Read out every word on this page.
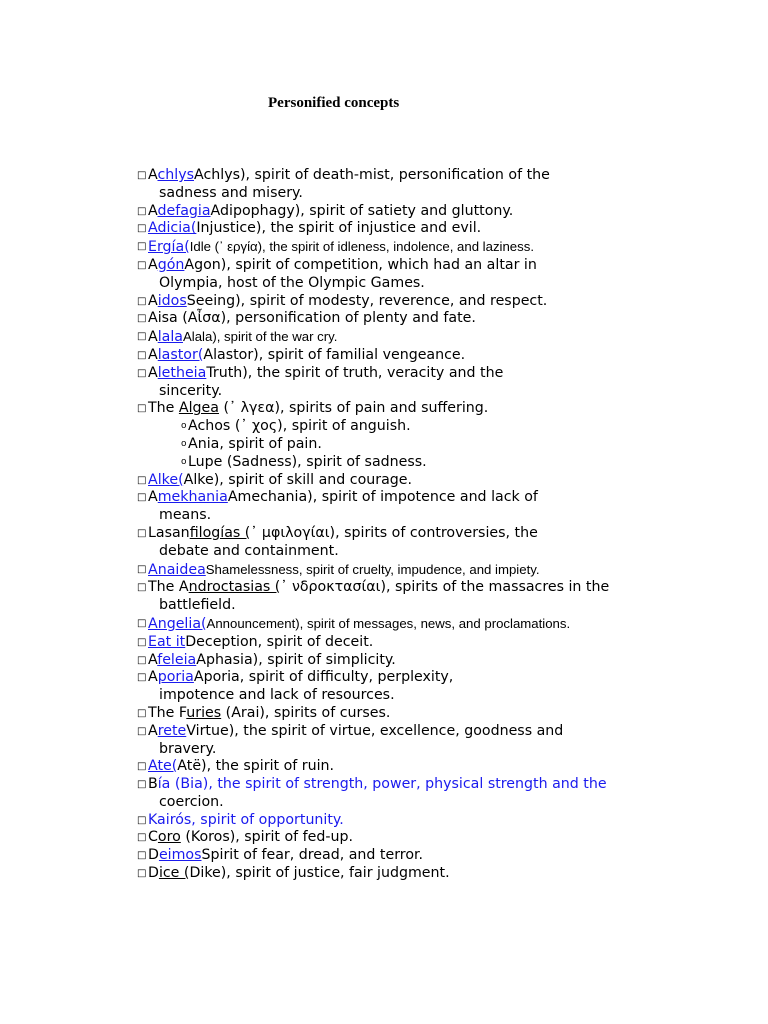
Personified concepts
□ AchlysAchlys), spirit of death-mist, personification of the
sadness and misery.
□ AdefagiaAdipophagy), spirit of satiety and gluttony.
□ Adicia(Injustice), the spirit of injustice and evil.
□ Ergía(Idle (᾽ εργία), the spirit of idleness, indolence, and laziness.
□ AgónAgon), spirit of competition, which had an altar in
Olympia, host of the Olympic Games.
□ AidosSeeing), spirit of modesty, reverence, and respect.
□ Aisa (Αἶσα), personification of plenty and fate.
□ AlalaAlala), spirit of the war cry.
□ Alastor(Alastor), spirit of familial vengeance.
□ AletheiaTruth), the spirit of truth, veracity and the
sincerity.
□ The Algea (᾽ λγεα), spirits of pain and suffering.
o Achos (᾽ χος), spirit of anguish.
o Ania, spirit of pain.
o Lupe (Sadness), spirit of sadness.
□ Alke(Alke), spirit of skill and courage.
□ AmekhaniaAmechania), spirit of impotence and lack of
means.
□ Lasanfilogías (᾽ μφιλογίαι), spirits of controversies, the
debate and containment.
□ AnaideaShamelessness, spirit of cruelty, impudence, and impiety.
□ The Androctasias (᾽ νδροκτασίαι), spirits of the massacres in the
battlefield.
□ Angelia(Announcement), spirit of messages, news, and proclamations.
□ Eat itDeception, spirit of deceit.
□ AfeleiaAphasia), spirit of simplicity.
□ AporiaAporia, spirit of difficulty, perplexity,
impotence and lack of resources.
□ The Furies (Arai), spirits of curses.
□ AreteVirtue), the spirit of virtue, excellence, goodness and
bravery.
□ Ate(Atë), the spirit of ruin.
□ Bía (Bia), the spirit of strength, power, physical strength and the
coercion.
□ Kairós, spirit of opportunity.
□ Coro (Koros), spirit of fed-up.
□ DeimosSpirit of fear, dread, and terror.
□ Dice (Dike), spirit of justice, fair judgment.
